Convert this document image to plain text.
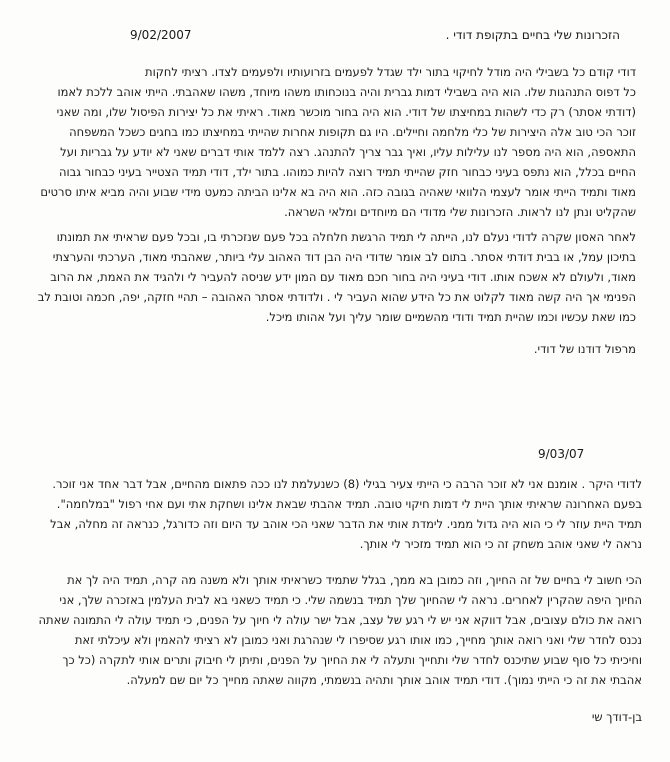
הזכרונות שלי בחיים בתקופת דודי .
9/02/2007
דודי קודם כל בשבילי היה מודל לחיקוי בתור ילד שגדל לפעמים בזרועותיו ולפעמים לצדו. רציתי לחקות
כל דפוס התנהגות שלו. הוא היה בשבילי דמות גברית והיה בנוכחותו משהו מיוחד, משהו שאהבתי. הייתי אוהב ללכת לאמו
(דודתי אסתר) רק כדי לשהות במחיצתו של דודי. הוא היה בחור מוכשר מאוד. ראיתי את כל יצירות הפיסול שלו, ומה שאני
זוכר הכי טוב אלה היצירות של כלי מלחמה וחיילים. היו גם תקופות אחרות שהייתי במחיצתו כמו בחגים כשכל המשפחה
התאספה, הוא היה מספר לנו עלילות עליו, ואיך גבר צריך להתנהג. רצה ללמד אותי דברים שאני לא יודע על גבריות ועל
החיים בכלל, הוא נתפס בעיני כבחור חזק שהייתי תמיד רוצה להיות כמוהו. בתור ילד, דודי תמיד הצטייר בעיני כבחור גבוה
מאוד ותמיד הייתי אומר לעצמי הלוואי שאהיה בגובה כזה. הוא היה בא אלינו הביתה כמעט מידי שבוע והיה מביא איתו סרטים
שהקליט ונתן לנו לראות. הזכרונות שלי מדודי הם מיוחדים ומלאי השראה.
לאחר האסון שקרה לדודי נעלם לנו, הייתה לי תמיד הרגשת חלחלה בכל פעם שנזכרתי בו, ובכל פעם שראיתי את תמונתו
בתיכון עמל, או בבית דודתי אסתר. בתום לב אומר שדודי היה הבן דוד האהוב עלי ביותר, שאהבתי מאוד, הערכתי והערצתי
מאוד, ולעולם לא אשכח אותו. דודי בעיני היה בחור חכם מאוד עם המון ידע שניסה להעביר לי ולהגיד את האמת, את הרוב
הפנימי אך היה קשה מאוד לקלוט את כל הידע שהוא העביר לי . ולדודתי אסתר האהובה – תהיי חזקה, יפה, חכמה וטובת לב
כמו שאת עכשיו וכמו שהיית תמיד ודודי מהשמיים שומר עליך ועל אהותו מיכל.
מרפול דודנו של דודי.
9/03/07
לדודי היקר . אומנם אני לא זוכר הרבה כי הייתי צעיר בגילי (8) כשנעלמת לנו ככה פתאום מהחיים, אבל דבר אחד אני זוכר.
בפעם האחרונה שראיתי אותך היית לי דמות חיקוי טובה. תמיד אהבתי שבאת אלינו ושחקת אתי ועם אחי רפול "במלחמה".
תמיד היית עוזר לי כי הוא היה גדול ממני. לימדת אותי את הדבר שאני הכי אוהב עד היום וזה כדורגל, כנראה זה מחלה, אבל
נראה לי שאני אוהב משחק זה כי הוא תמיד מזכיר לי אותך.
הכי חשוב לי בחיים של זה החיוך, וזה כמובן בא ממך, בגלל שתמיד כשראיתי אותך ולא משנה מה קרה, תמיד היה לך את
החיוך היפה שהקרין לאחרים. נראה לי שהחיוך שלך תמיד בנשמה שלי. כי תמיד כשאני בא לבית העלמין באזכרה שלך, אני
רואה את כולם עצובים, אבל דווקא אני יש לי רגע של עצב, אבל ישר עולה לי חיוך על הפנים, כי תמיד עולה לי התמונה שאתה
נכנס לחדר שלי ואני רואה אותך מחייך, כמו אותו רגע שסיפרו לי שנהרגת ואני כמובן לא רציתי להאמין ולא עיכלתי זאת
וחיכיתי כל סוף שבוע שתיכנס לחדר שלי ותחייך ותעלה לי את החיוך על הפנים, ותיתן לי חיבוק ותרים אותי לתקרה (כל כך
אהבתי את זה כי הייתי נמוך). דודי תמיד אוהב אותך ותהיה בנשמתי, מקווה שאתה מחייך כל יום שם למעלה.
בן-דודך שי
